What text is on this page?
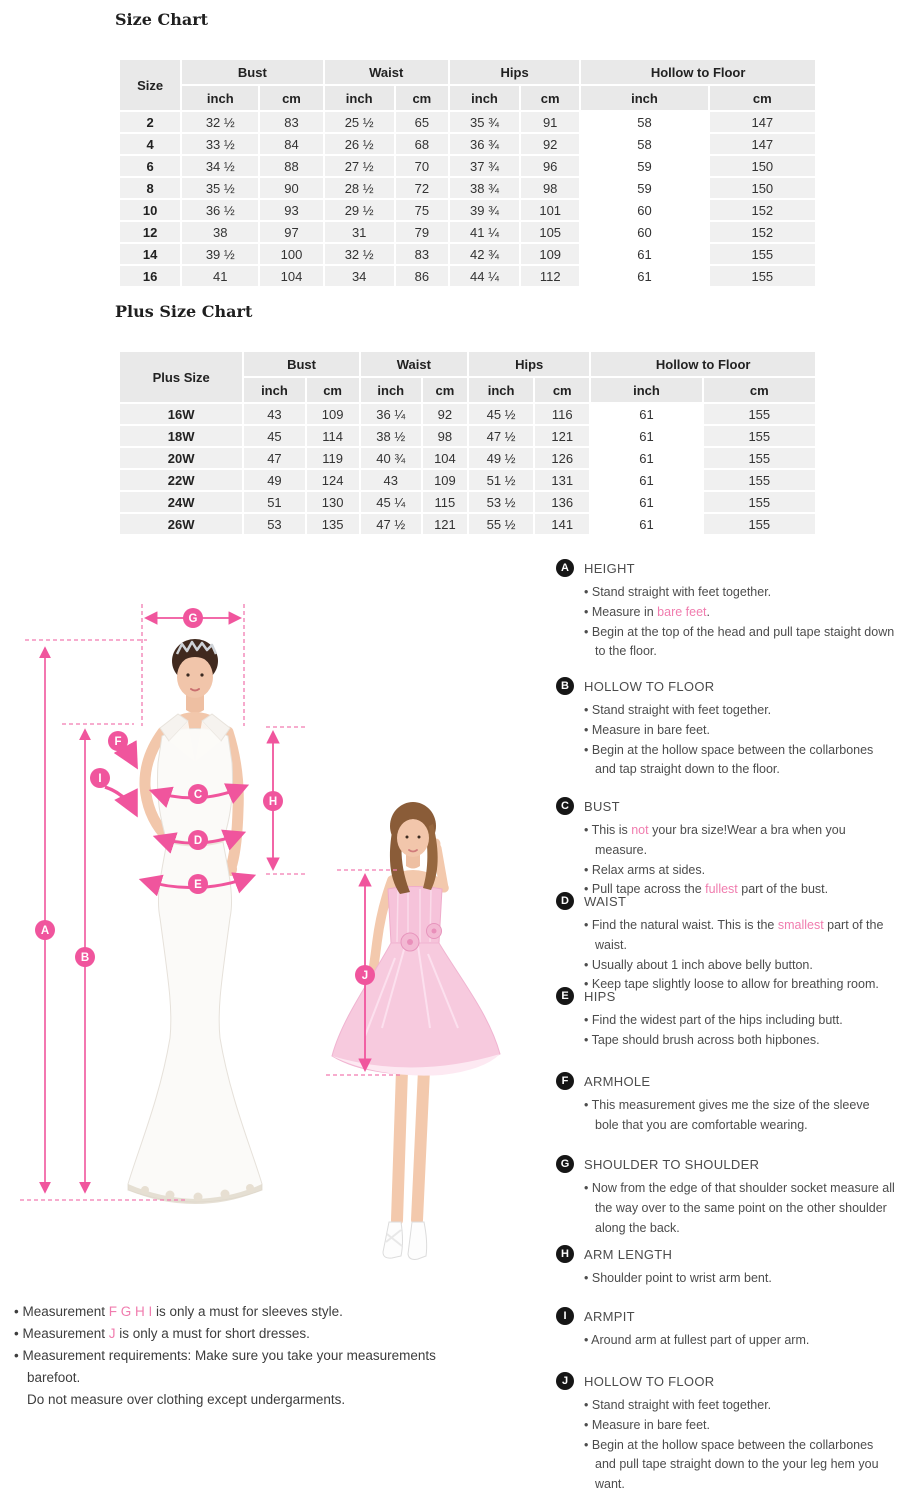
Size Chart
Size	Bust		Waist		Hips		Hollow to Floor	
	inch	cm	inch	cm	inch	cm	inch	cm
2	32 ½	83	25 ½	65	35 ¾	91	58	147
4	33 ½	84	26 ½	68	36 ¾	92	58	147
6	34 ½	88	27 ½	70	37 ¾	96	59	150
8	35 ½	90	28 ½	72	38 ¾	98	59	150
10	36 ½	93	29 ½	75	39 ¾	101	60	152
12	38	97	31	79	41 ¼	105	60	152
14	39 ½	100	32 ½	83	42 ¾	109	61	155
16	41	104	34	86	44 ¼	112	61	155
Plus Size Chart
Plus Size	Bust		Waist		Hips		Hollow to Floor	
	inch	cm	inch	cm	inch	cm	inch	cm
16W	43	109	36 ¼	92	45 ½	116	61	155
18W	45	114	38 ½	98	47 ½	121	61	155
20W	47	119	40 ¾	104	49 ½	126	61	155
22W	49	124	43	109	51 ½	131	61	155
24W	51	130	45 ¼	115	53 ½	136	61	155
26W	53	135	47 ½	121	55 ½	141	61	155
A
B
C
D
E
F
G
H
I
J
• Measurement F G H I is only a must for sleeves style.
• Measurement J is only a must for short dresses.
• Measurement requirements: Make sure you take your measurements barefoot.
Do not measure over clothing except undergarments.
A	HEIGHT
• Stand straight with feet together.
• Measure in bare feet.
• Begin at the top of the head and pull tape staight down to the floor.
B	HOLLOW TO FLOOR
• Stand straight with feet together.
• Measure in bare feet.
• Begin at the hollow space between the collarbones and tap straight down to the floor.
C	BUST
• This is not your bra size!Wear a bra when you measure.
• Relax arms at sides.
• Pull tape across the fullest part of the bust.
D	WAIST
• Find the natural waist. This is the smallest part of the waist.
• Usually about 1 inch above belly button.
• Keep tape slightly loose to allow for breathing room.
E	HIPS
• Find the widest part of the hips including butt.
• Tape should brush across both hipbones.
F	ARMHOLE
• This measurement gives me the size of the sleeve bole that you are comfortable wearing.
G	SHOULDER TO SHOULDER
• Now from the edge of that shoulder socket measure all the way over to the same point on the other shoulder along the back.
H	ARM LENGTH
• Shoulder point to wrist arm bent.
I	ARMPIT
• Around arm at fullest part of upper arm.
J	HOLLOW TO FLOOR
• Stand straight with feet together.
• Measure in bare feet.
• Begin at the hollow space between the collarbones and pull tape straight down to the your leg hem you want.
